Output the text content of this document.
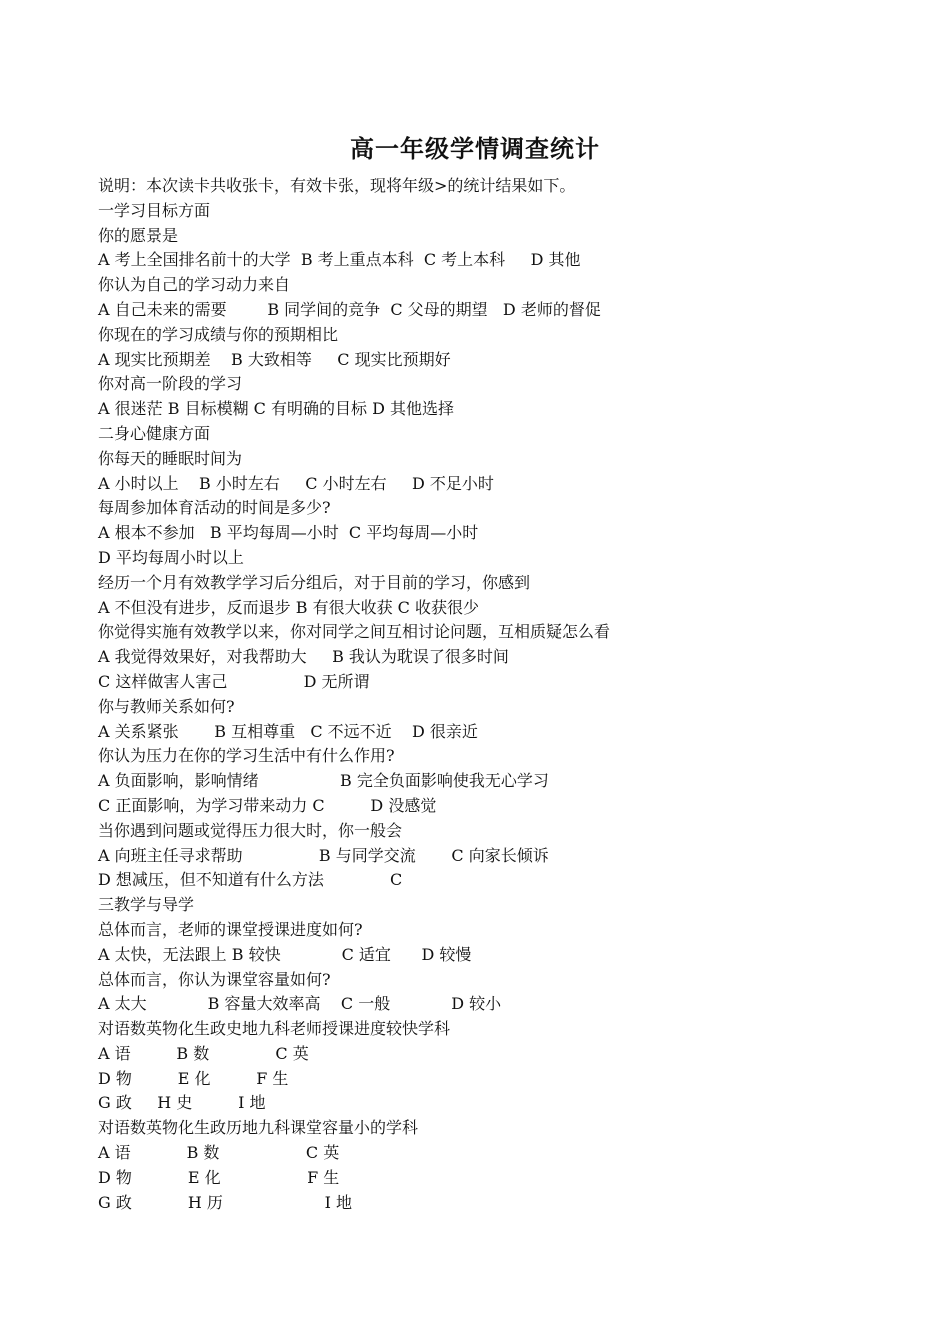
高一年级学情调查统计
说明：本次读卡共收张卡，有效卡张，现将年级>的统计结果如下。
一学习目标方面
你的愿景是
A 考上全国排名前十的大学  B 考上重点本科  C 考上本科     D 其他
你认为自己的学习动力来自
A 自己未来的需要        B 同学间的竞争  C 父母的期望   D 老师的督促
你现在的学习成绩与你的预期相比
A 现实比预期差    B 大致相等     C 现实比预期好
你对高一阶段的学习
A 很迷茫 B 目标模糊 C 有明确的目标 D 其他选择
二身心健康方面
你每天的睡眠时间为
A 小时以上    B 小时左右     C 小时左右     D 不足小时
每周参加体育活动的时间是多少?
A 根本不参加   B 平均每周—小时  C 平均每周—小时
D 平均每周小时以上
经历一个月有效教学学习后分组后，对于目前的学习，你感到
A 不但没有进步，反而退步 B 有很大收获 C 收获很少
你觉得实施有效教学以来，你对同学之间互相讨论问题，互相质疑怎么看
A 我觉得效果好，对我帮助大     B 我认为耽误了很多时间
C 这样做害人害己               D 无所谓
你与教师关系如何?
A 关系紧张       B 互相尊重   C 不远不近    D 很亲近
你认为压力在你的学习生活中有什么作用?
A 负面影响，影响情绪                B 完全负面影响使我无心学习
C 正面影响，为学习带来动力 C         D 没感觉
当你遇到问题或觉得压力很大时，你一般会
A 向班主任寻求帮助               B 与同学交流       C 向家长倾诉
D 想减压，但不知道有什么方法             C
三教学与导学
总体而言，老师的课堂授课进度如何?
A 太快，无法跟上 B 较快            C 适宜      D 较慢
总体而言，你认为课堂容量如何?
A 太大            B 容量大效率高    C 一般            D 较小
对语数英物化生政史地九科老师授课进度较快学科
A 语         B 数             C 英
D 物         E 化         F 生
G 政     H 史         I 地
对语数英物化生政历地九科课堂容量小的学科
A 语           B 数                 C 英
D 物           E 化                 F 生
G 政           H 历                    I 地
